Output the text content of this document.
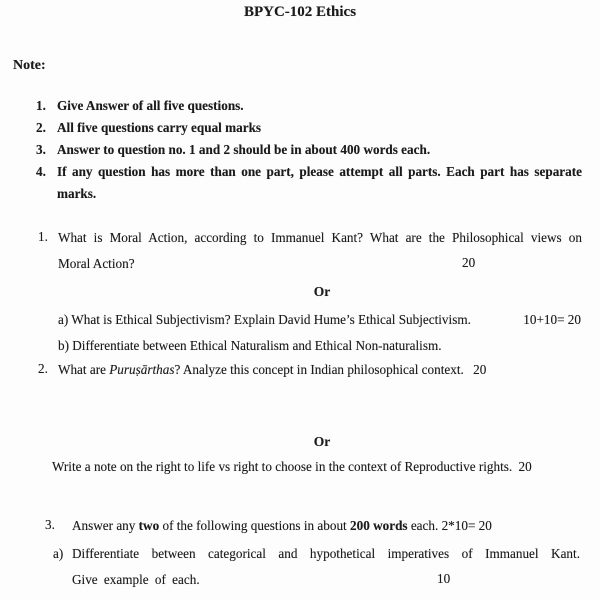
BPYC-102 Ethics
Note:
1. Give Answer of all five questions.
2. All five questions carry equal marks
3. Answer to question no. 1 and 2 should be in about 400 words each.
4. If any question has more than one part, please attempt all parts. Each part has separate marks.
1. What is Moral Action, according to Immanuel Kant? What are the Philosophical views on
Moral Action?	20
Or
a) What is Ethical Subjectivism? Explain David Hume’s Ethical Subjectivism.	10+10= 20
b) Differentiate between Ethical Naturalism and Ethical Non-naturalism.
2. What are Puruṣārthas? Analyze this concept in Indian philosophical context. 20
Or
Write a note on the right to life vs right to choose in the context of Reproductive rights. 20
3. Answer any two of the following questions in about 200 words each. 2*10= 20
a) Differentiate between categorical and hypothetical imperatives of Immanuel Kant.
Give example of each.	10
